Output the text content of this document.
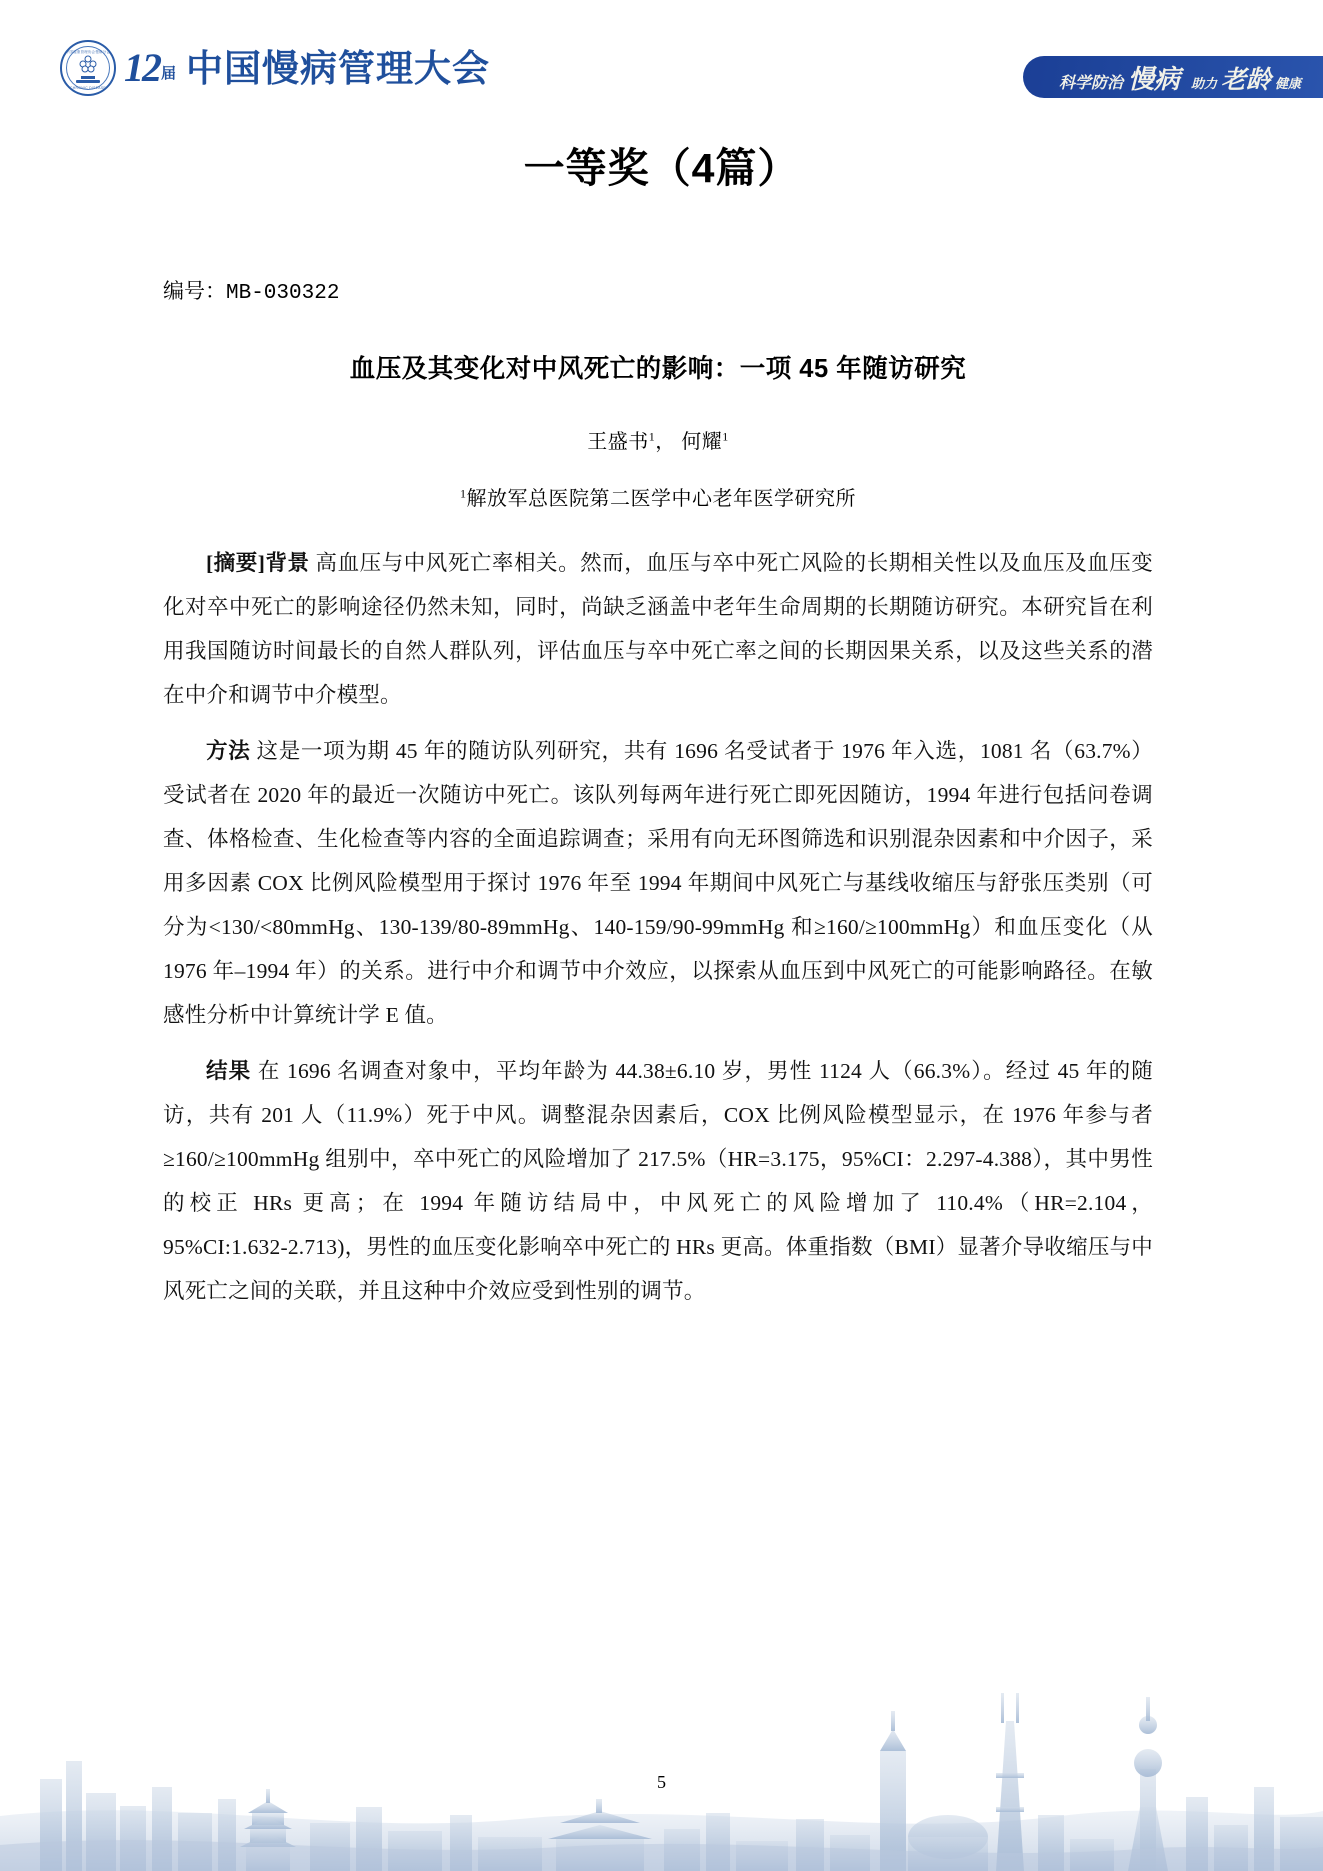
中国健康管理协会慢病分会
CHRONIC DISEASE 12 届 中国慢病管理大会	科学防治 慢病 助力 老龄 健康
一等奖（4篇）
编号：MB-030322
血压及其变化对中风死亡的影响：一项 45 年随访研究
王盛书$^1$， 何耀$^1$
$^1$解放军总医院第二医学中心老年医学研究所

[摘要]背景 高血压与中风死亡率相关。然而，血压与卒中死亡风险的长期相关性以及血压及血压变化对卒中死亡的影响途径仍然未知，同时，尚缺乏涵盖中老年生命周期的长期随访研究。本研究旨在利用我国随访时间最长的自然人群队列，评估血压与卒中死亡率之间的长期因果关系，以及这些关系的潜在中介和调节中介模型。

方法 这是一项为期 45 年的随访队列研究，共有 1696 名受试者于 1976 年入选，1081 名（63.7%）受试者在 2020 年的最近一次随访中死亡。该队列每两年进行死亡即死因随访，1994 年进行包括问卷调查、体格检查、生化检查等内容的全面追踪调查；采用有向无环图筛选和识别混杂因素和中介因子，采用多因素 COX 比例风险模型用于探讨 1976 年至 1994 年期间中风死亡与基线收缩压与舒张压类别（可分为<130/<80mmHg、130‑139/80‑89mmHg、140‑159/90‑99mmHg 和≥160/≥100mmHg）和血压变化（从 1976 年–1994 年）的关系。进行中介和调节中介效应，以探索从血压到中风死亡的可能影响路径。在敏感性分析中计算统计学 E 值。

结果 在 1696 名调查对象中，平均年龄为 44.38±6.10 岁，男性 1124 人（66.3%）。经过 45 年的随访，共有 201 人（11.9%）死于中风。调整混杂因素后，COX 比例风险模型显示，在 1976 年参与者≥160/≥100mmHg 组别中，卒中死亡的风险增加了 217.5%（HR=3.175，95%CI：2.297‑4.388），其中男性的校正 HRs 更高；在 1994 年随访结局中，中风死亡的风险增加了 110.4%（HR=2.104，95%CI:1.632‑2.713)，男性的血压变化影响卒中死亡的 HRs 更高。体重指数（BMI）显著介导收缩压与中风死亡之间的关联，并且这种中介效应受到性别的调节。

5
